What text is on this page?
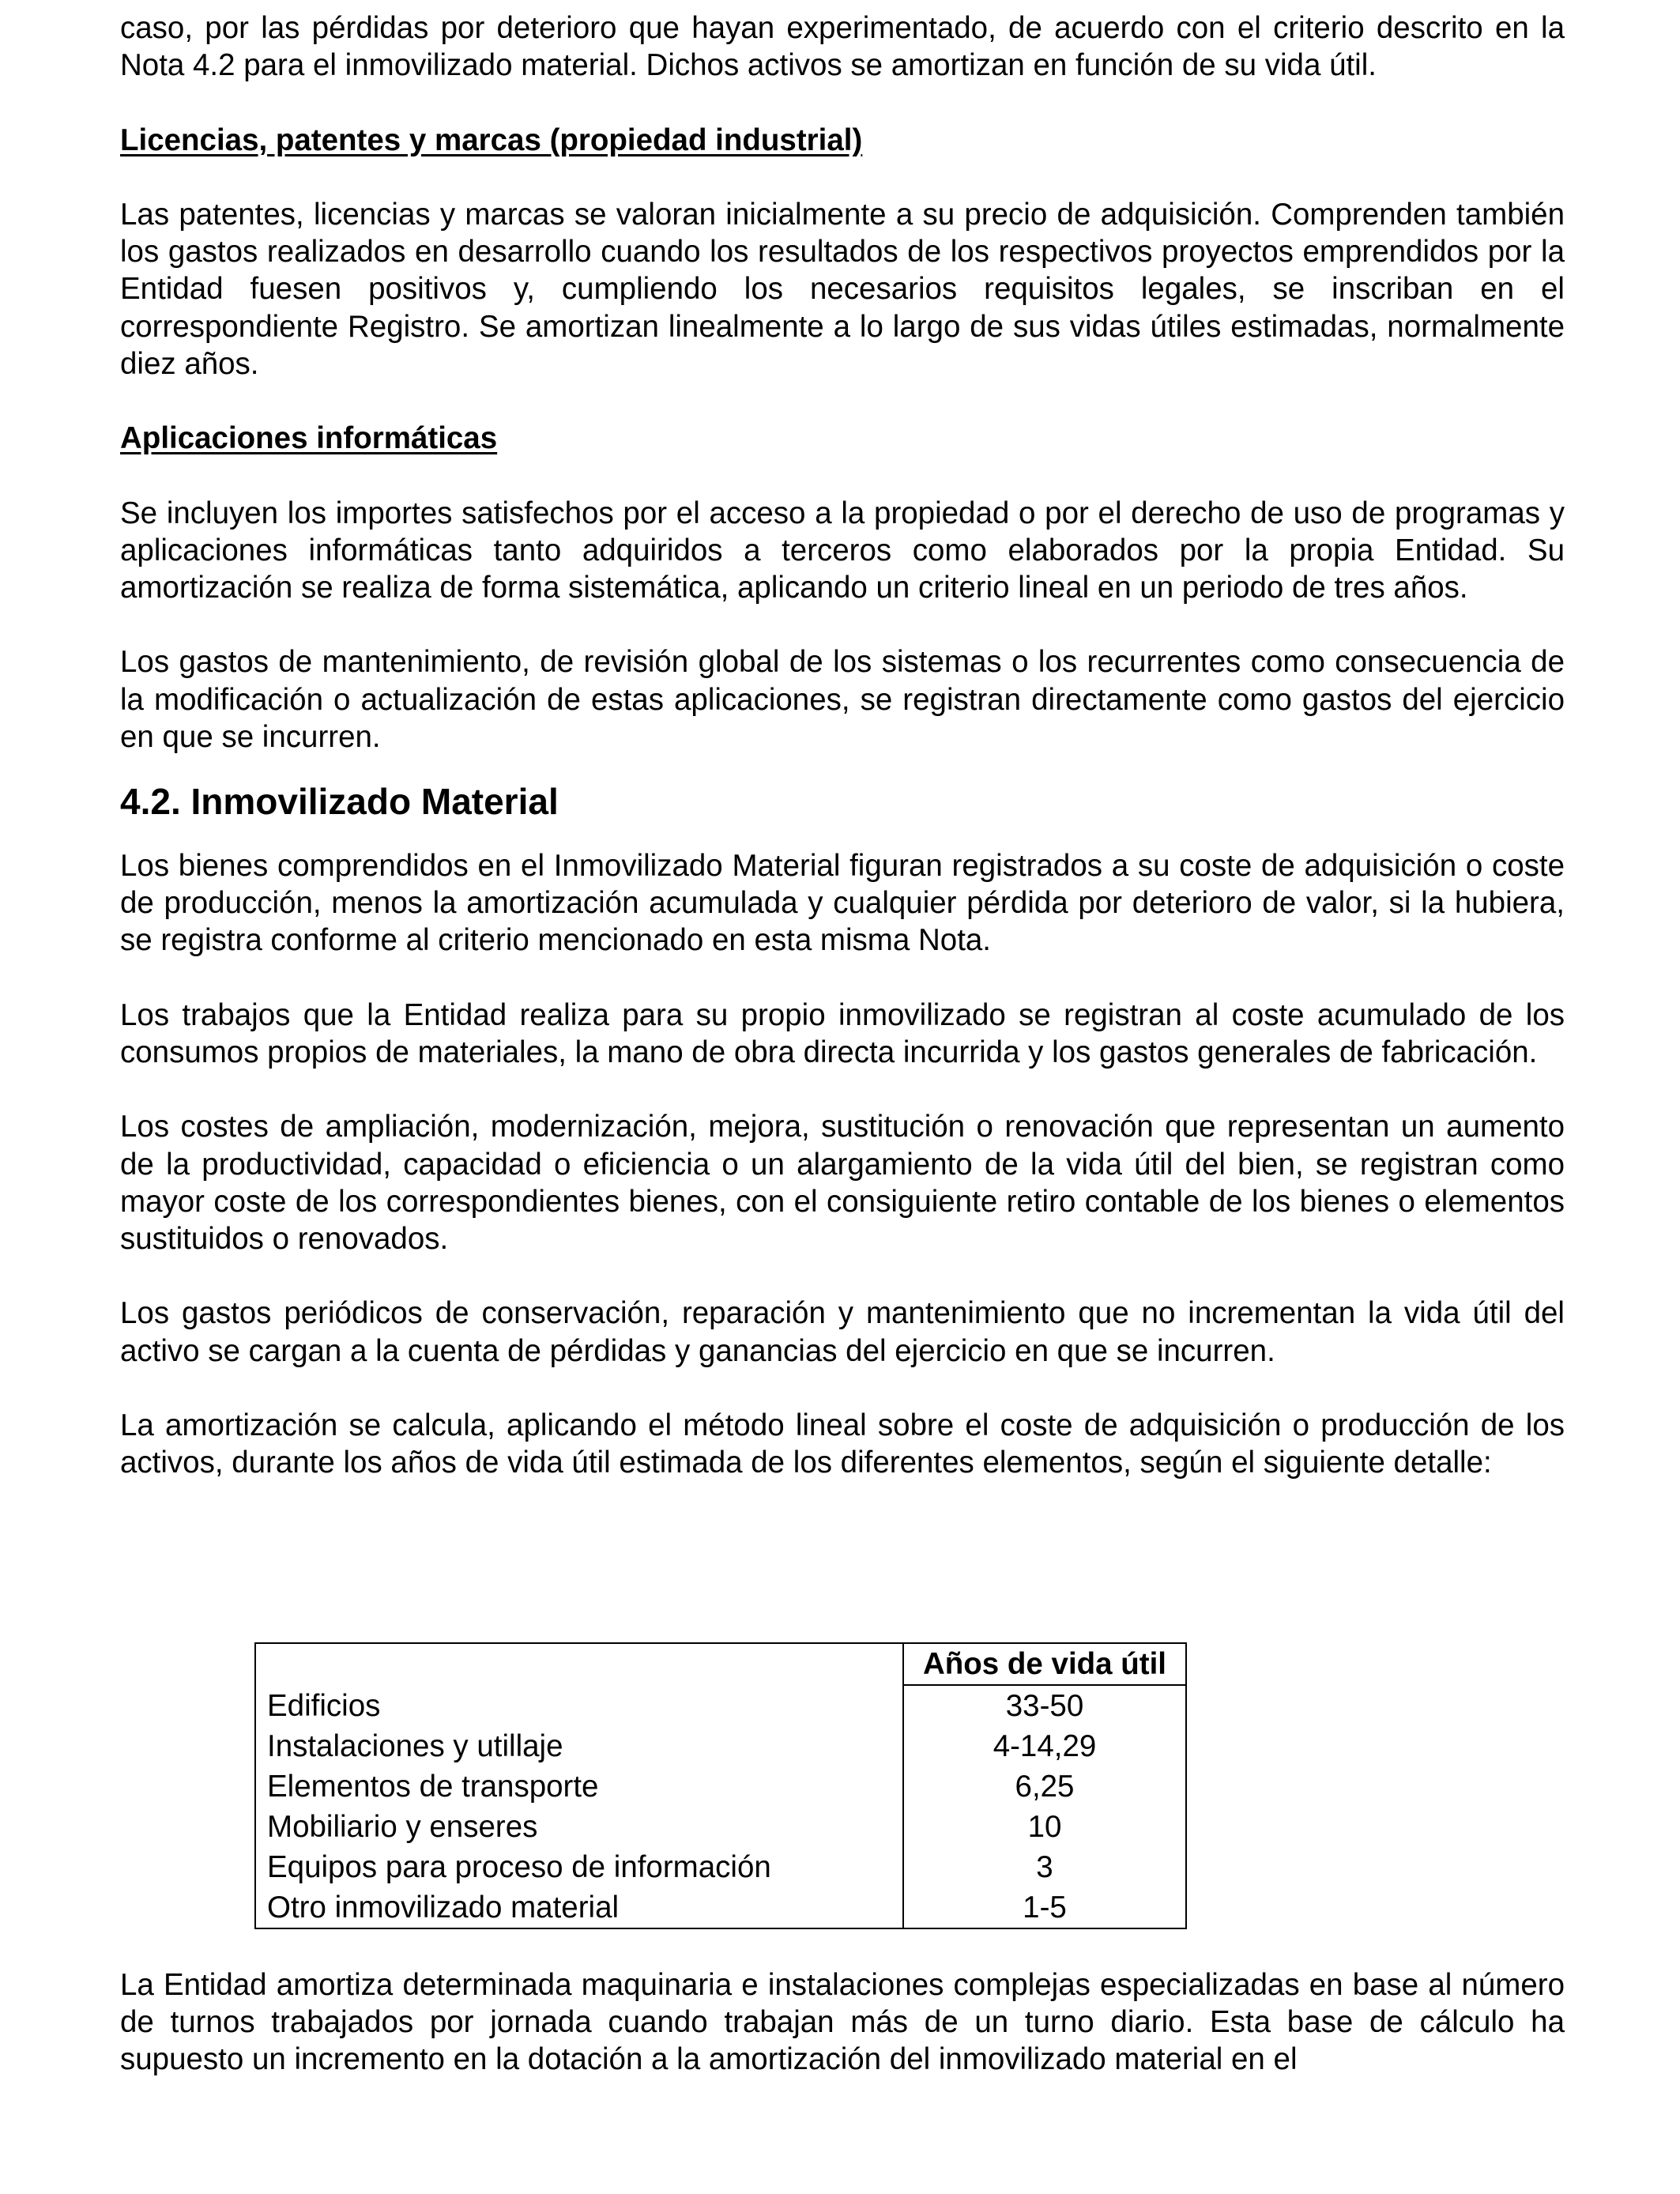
caso, por las pérdidas por deterioro que hayan experimentado, de acuerdo con el criterio descrito en la Nota 4.2 para el inmovilizado material. Dichos activos se amortizan en función de su vida útil.

Licencias, patentes y marcas (propiedad industrial)

Las patentes, licencias y marcas se valoran inicialmente a su precio de adquisición. Comprenden también los gastos realizados en desarrollo cuando los resultados de los respectivos proyectos emprendidos por la Entidad fuesen positivos y, cumpliendo los necesarios requisitos legales, se inscriban en el correspondiente Registro. Se amortizan linealmente a lo largo de sus vidas útiles estimadas, normalmente diez años.

Aplicaciones informáticas

Se incluyen los importes satisfechos por el acceso a la propiedad o por el derecho de uso de programas y aplicaciones informáticas tanto adquiridos a terceros como elaborados por la propia Entidad. Su amortización se realiza de forma sistemática, aplicando un criterio lineal en un periodo de tres años.

Los gastos de mantenimiento, de revisión global de los sistemas o los recurrentes como consecuencia de la modificación o actualización de estas aplicaciones, se registran directamente como gastos del ejercicio en que se incurren.

4.2. Inmovilizado Material

Los bienes comprendidos en el Inmovilizado Material figuran registrados a su coste de adquisición o coste de producción, menos la amortización acumulada y cualquier pérdida por deterioro de valor, si la hubiera, se registra conforme al criterio mencionado en esta misma Nota.

Los trabajos que la Entidad realiza para su propio inmovilizado se registran al coste acumulado de los consumos propios de materiales, la mano de obra directa incurrida y los gastos generales de fabricación.

Los costes de ampliación, modernización, mejora, sustitución o renovación que representan un aumento de la productividad, capacidad o eficiencia o un alargamiento de la vida útil del bien, se registran como mayor coste de los correspondientes bienes, con el consiguiente retiro contable de los bienes o elementos sustituidos o renovados.

Los gastos periódicos de conservación, reparación y mantenimiento que no incrementan la vida útil del activo se cargan a la cuenta de pérdidas y ganancias del ejercicio en que se incurren.

La amortización se calcula, aplicando el método lineal sobre el coste de adquisición o producción de los activos, durante los años de vida útil estimada de los diferentes elementos, según el siguiente detalle:

	Años de vida útil
Edificios	33-50
Instalaciones y utillaje	4-14,29
Elementos de transporte	6,25
Mobiliario y enseres	10
Equipos para proceso de información	3
Otro inmovilizado material	1-5

La Entidad amortiza determinada maquinaria e instalaciones complejas especializadas en base al número de turnos trabajados por jornada cuando trabajan más de un turno diario. Esta base de cálculo ha supuesto un incremento en la dotación a la amortización del inmovilizado material en el
